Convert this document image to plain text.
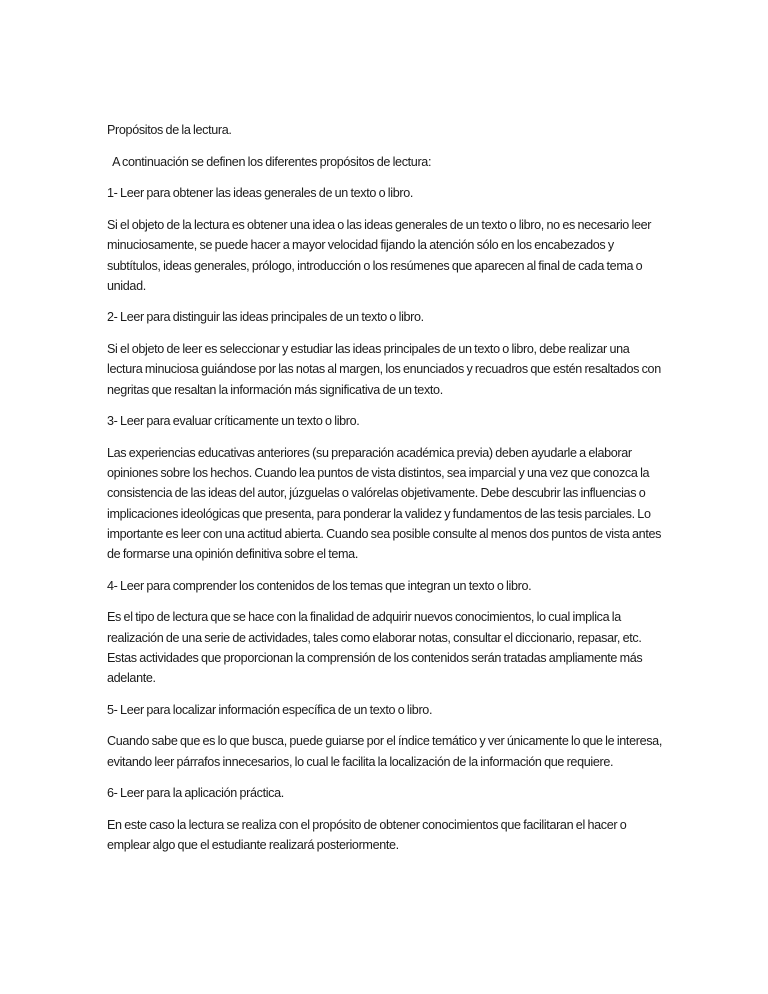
Propósitos de la lectura.

A continuación se definen los diferentes propósitos de lectura:

1- Leer para obtener las ideas generales de un texto o libro.

Si el objeto de la lectura es obtener una idea o las ideas generales de un texto o libro, no es necesario leer minuciosamente, se puede hacer a mayor velocidad fijando la atención sólo en los encabezados y subtítulos, ideas generales, prólogo, introducción o los resúmenes que aparecen al final de cada tema o unidad.

2- Leer para distinguir las ideas principales de un texto o libro.

Si el objeto de leer es seleccionar y estudiar las ideas principales de un texto o libro, debe realizar una lectura minuciosa guiándose por las notas al margen, los enunciados y recuadros que estén resaltados con negritas que resaltan la información más significativa de un texto.

3- Leer para evaluar críticamente un texto o libro.

Las experiencias educativas anteriores (su preparación académica previa) deben ayudarle a elaborar opiniones sobre los hechos. Cuando lea puntos de vista distintos, sea imparcial y una vez que conozca la consistencia de las ideas del autor, júzguelas o valórelas objetivamente. Debe descubrir las influencias o implicaciones ideológicas que presenta, para ponderar la validez y fundamentos de las tesis parciales. Lo importante es leer con una actitud abierta. Cuando sea posible consulte al menos dos puntos de vista antes de formarse una opinión definitiva sobre el tema.

4- Leer para comprender los contenidos de los temas que integran un texto o libro.

Es el tipo de lectura que se hace con la finalidad de adquirir nuevos conocimientos, lo cual implica la realización de una serie de actividades, tales como elaborar notas, consultar el diccionario, repasar, etc. Estas actividades que proporcionan la comprensión de los contenidos serán tratadas ampliamente más adelante.

5- Leer para localizar información específica de un texto o libro.

Cuando sabe que es lo que busca, puede guiarse por el índice temático y ver únicamente lo que le interesa, evitando leer párrafos innecesarios, lo cual le facilita la localización de la información que requiere.

6- Leer para la aplicación práctica.

En este caso la lectura se realiza con el propósito de obtener conocimientos que facilitaran el hacer o emplear algo que el estudiante realizará posteriormente.
